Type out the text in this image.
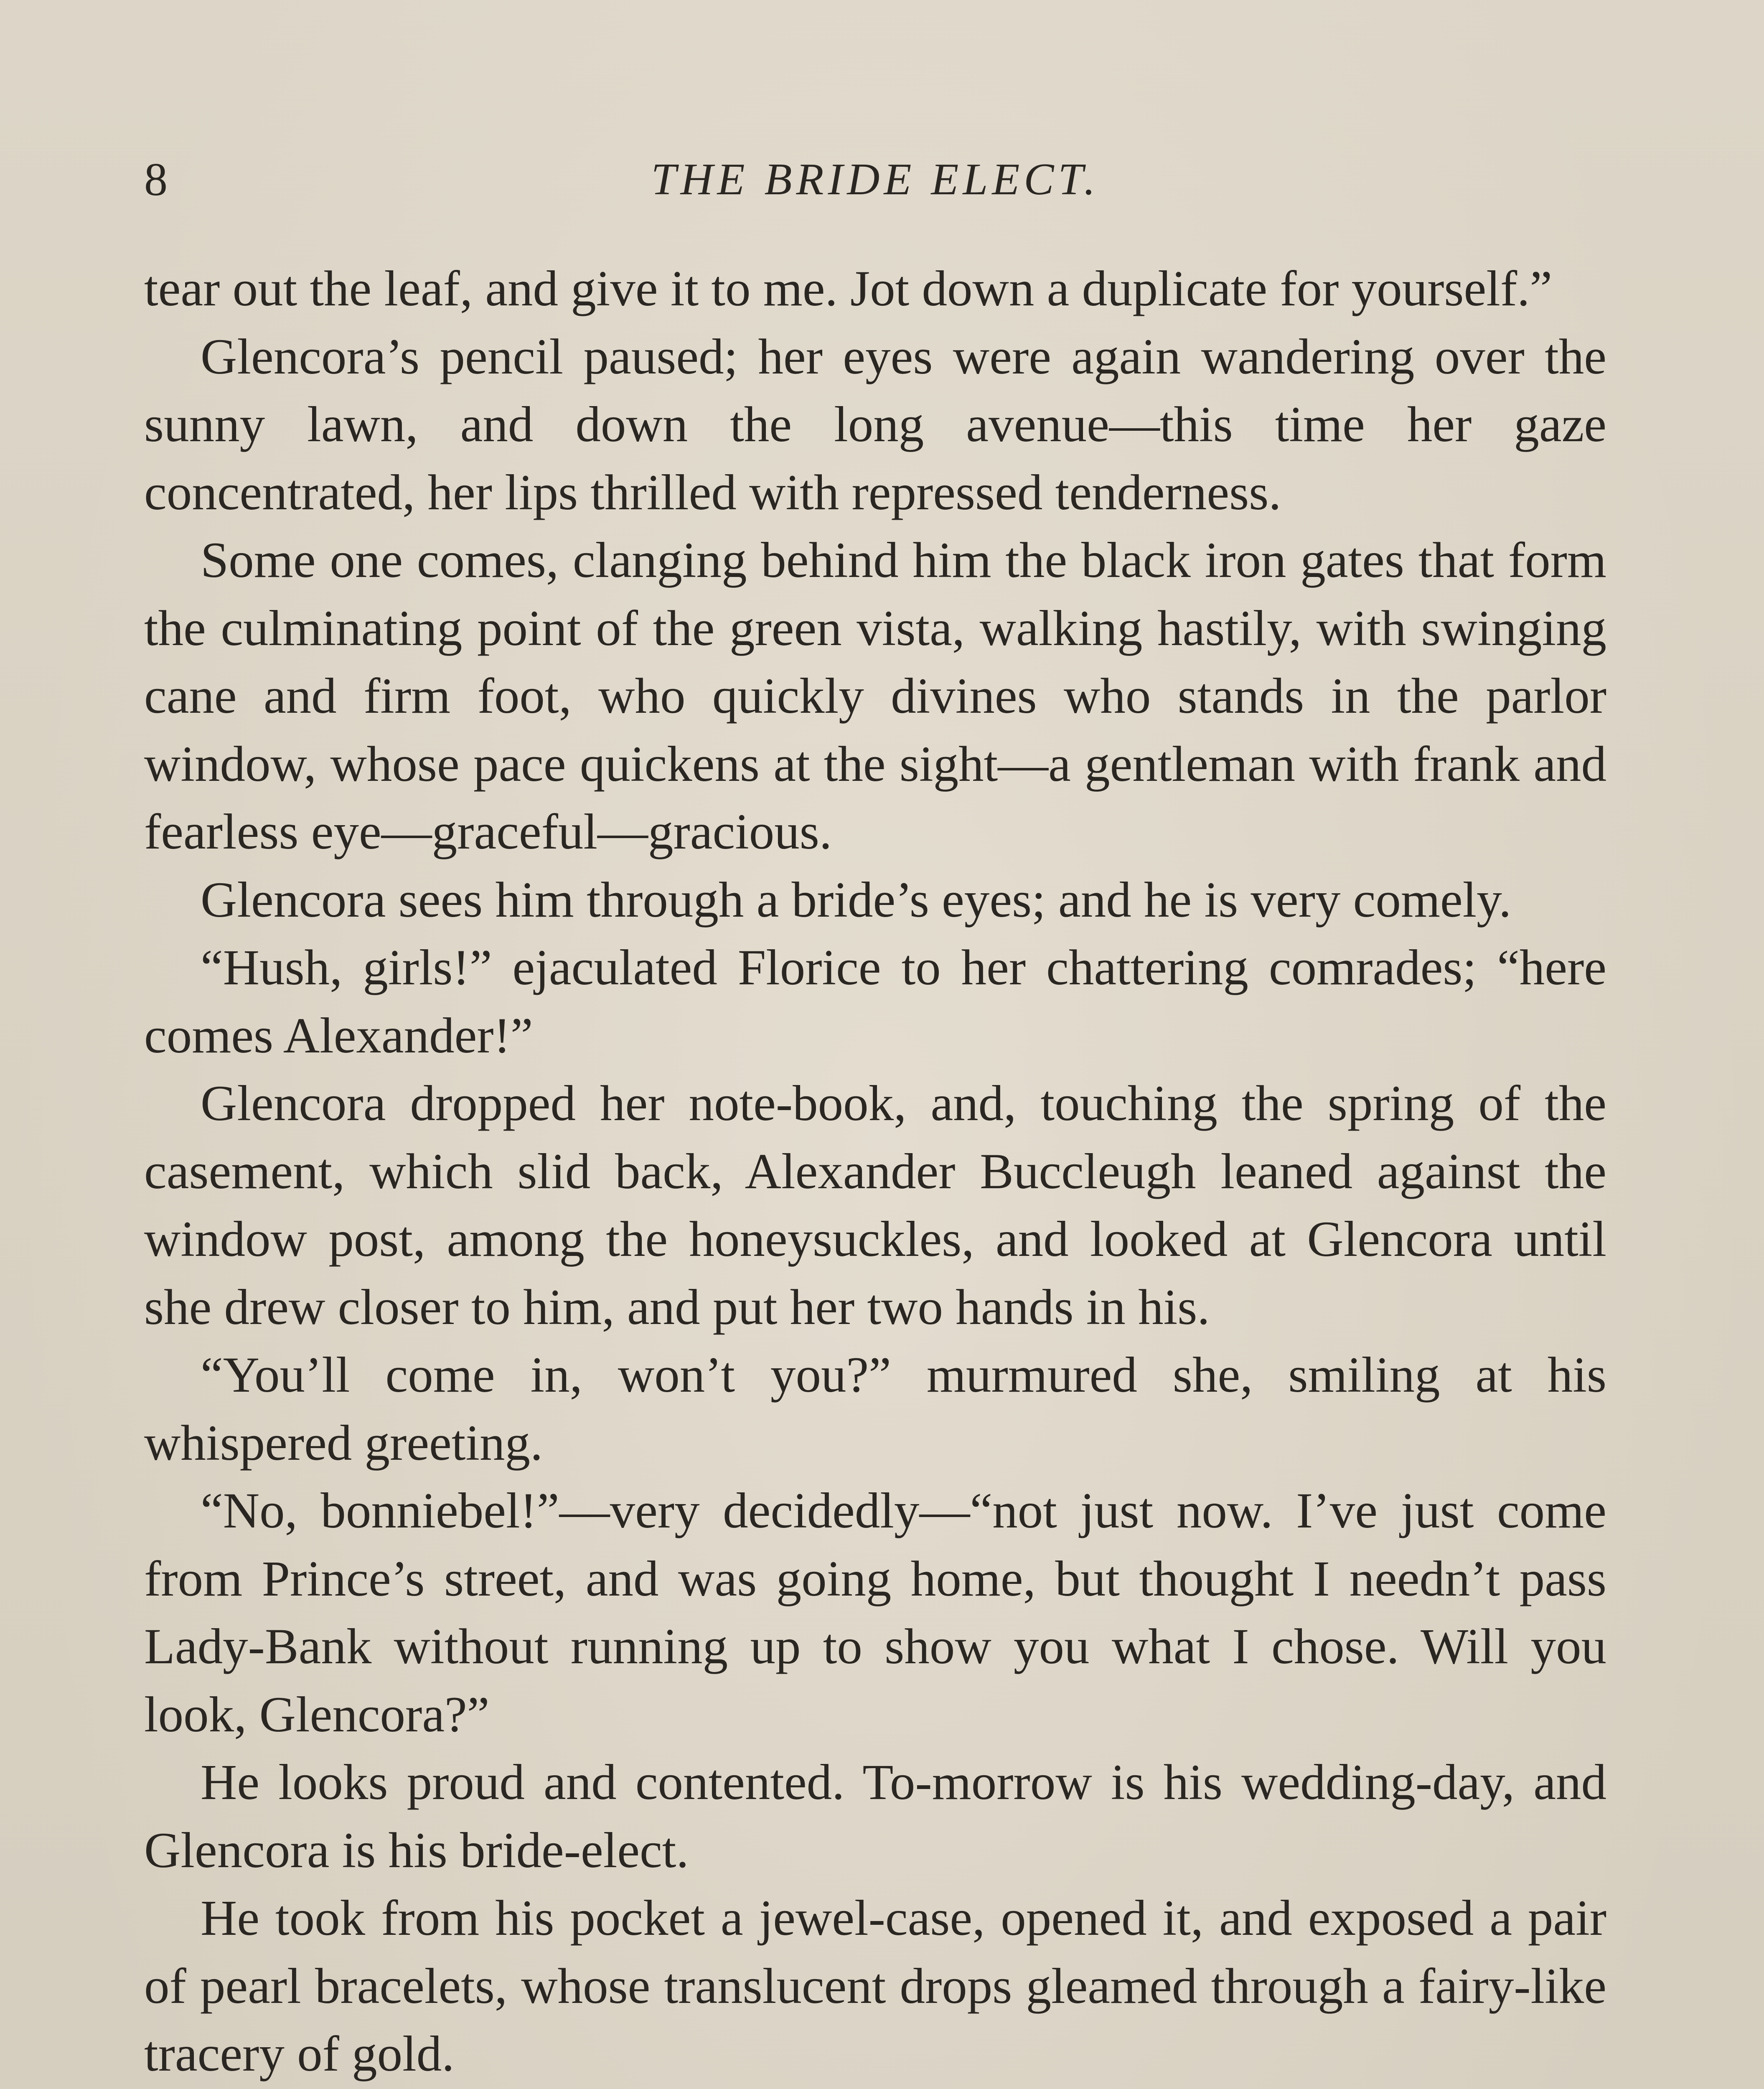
8	THE BRIDE ELECT.

tear out the leaf, and give it to me. Jot down a duplicate for yourself.”

Glencora’s pencil paused; her eyes were again wandering over the sunny lawn, and down the long avenue—this time her gaze concentrated, her lips thrilled with repressed tenderness.

Some one comes, clanging behind him the black iron gates that form the culminating point of the green vista, walking hastily, with swinging cane and firm foot, who quickly divines who stands in the parlor window, whose pace quickens at the sight—a gentleman with frank and fearless eye—graceful—gracious.

Glencora sees him through a bride’s eyes; and he is very comely.

“Hush, girls!” ejaculated Florice to her chattering comrades; “here comes Alexander!”

Glencora dropped her note-book, and, touching the spring of the casement, which slid back, Alexander Buccleugh leaned against the window post, among the honeysuckles, and looked at Glencora until she drew closer to him, and put her two hands in his.

“You’ll come in, won’t you?” murmured she, smiling at his whispered greeting.

“No, bonniebel!”—very decidedly—“not just now. I’ve just come from Prince’s street, and was going home, but thought I needn’t pass Lady-Bank without running up to show you what I chose. Will you look, Glencora?”

He looks proud and contented. To-morrow is his wedding-day, and Glencora is his bride-elect.

He took from his pocket a jewel-case, opened it, and exposed a pair of pearl bracelets, whose translucent drops gleamed through a fairy-like tracery of gold.
